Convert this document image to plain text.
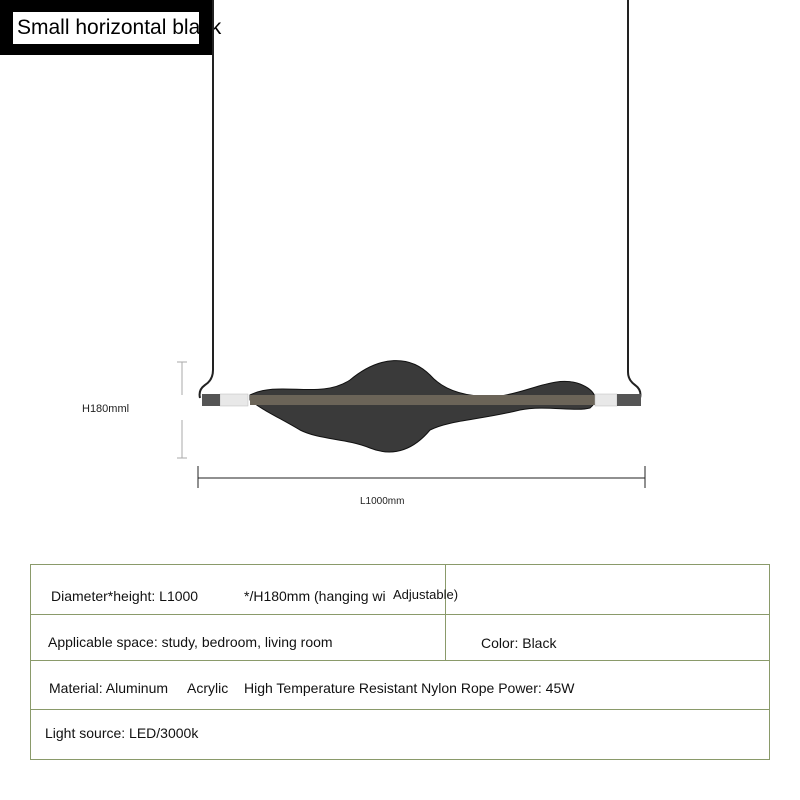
Small horizontal black
H180mml
L1000mm
Diameter*height: L1000	*/H180mm (hanging wi Adjustable)
Applicable space: study, bedroom, living room	Color: Black
Material: Aluminum Acrylic High Temperature Resistant Nylon Rope Power: 45W
Light source: LED/3000k
